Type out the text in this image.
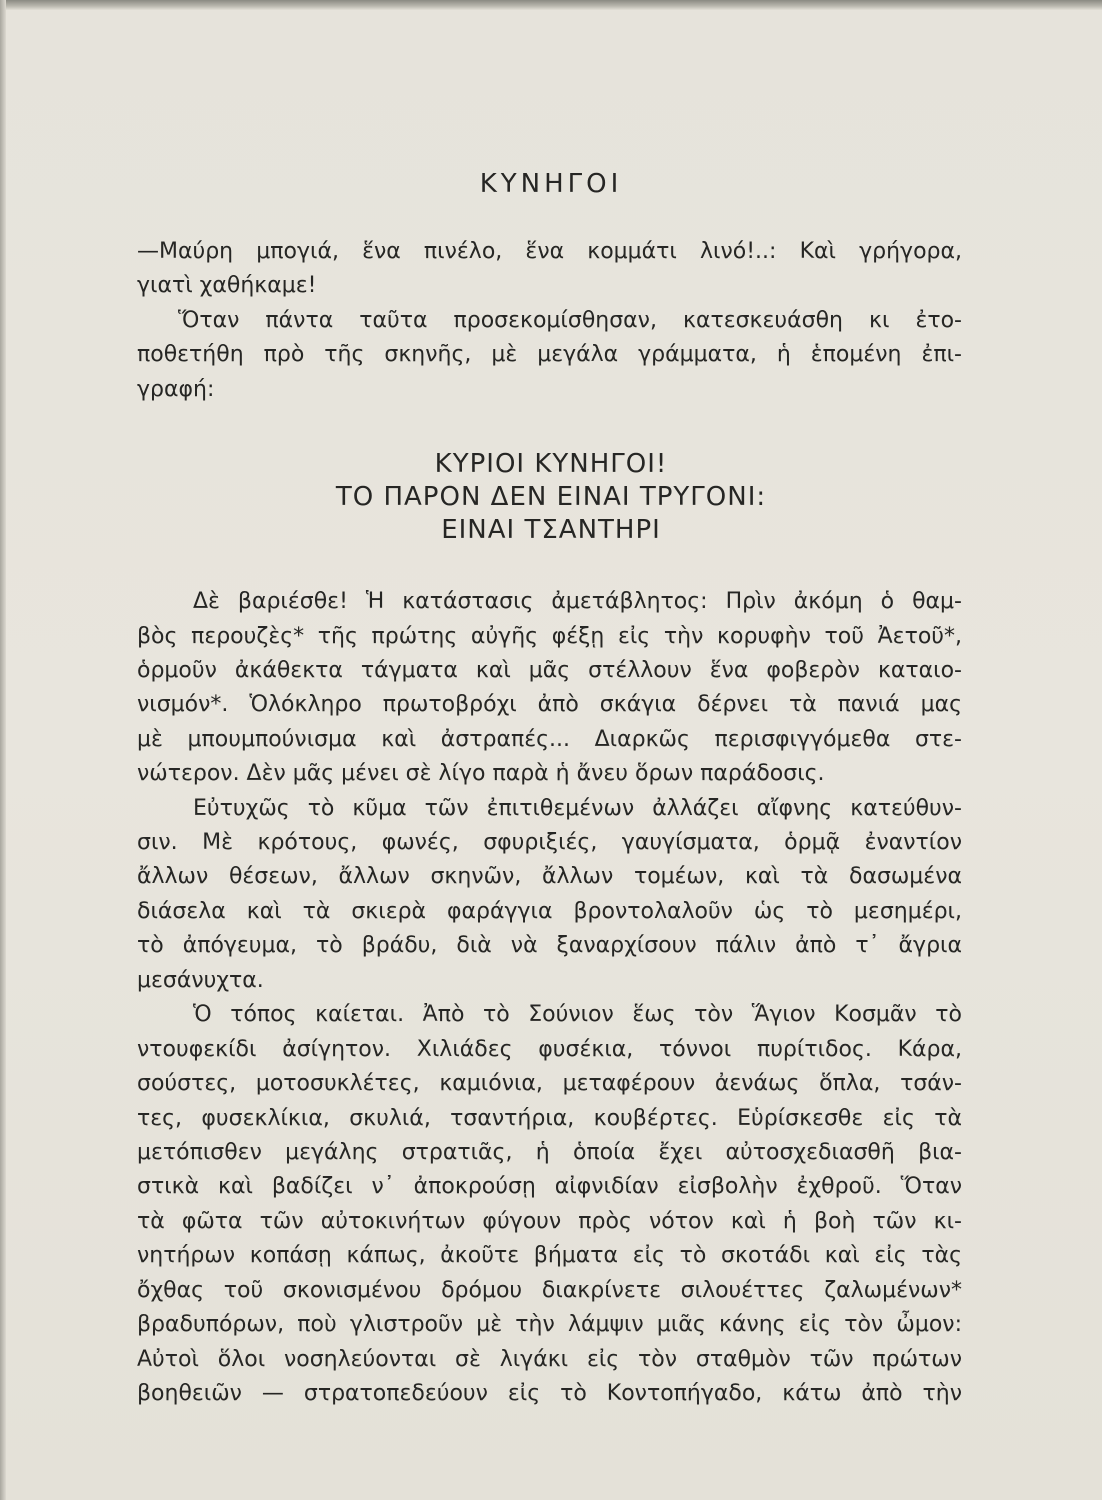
ΚΥΝΗΓΟΙ
—Μαύρη μπογιά, ἕνα πινέλο, ἕνα κομμάτι λινό!..: Καὶ γρήγορα,
γιατὶ χαθήκαμε!
Ὅταν πάντα ταῦτα προσεκομίσθησαν, κατεσκευάσθη κι ἐτο-
ποθετήθη πρὸ τῆς σκηνῆς, μὲ μεγάλα γράμματα, ἡ ἑπομένη ἐπι-
γραφή:
ΚΥΡΙΟΙ ΚΥΝΗΓΟΙ!
ΤΟ ΠΑΡΟΝ ΔΕΝ ΕΙΝΑΙ ΤΡΥΓΟΝΙ:
ΕΙΝΑΙ ΤΣΑΝΤΗΡΙ
Δὲ βαριέσθε! Ἡ κατάστασις ἀμετάβλητος: Πρὶν ἀκόμη ὁ θαμ-
βὸς περουζὲς* τῆς πρώτης αὐγῆς φέξῃ εἰς τὴν κορυφὴν τοῦ Ἀετοῦ*,
ὁρμοῦν ἀκάθεκτα τάγματα καὶ μᾶς στέλλουν ἕνα φοβερὸν καταιο-
νισμόν*. Ὁλόκληρο πρωτοβρόχι ἀπὸ σκάγια δέρνει τὰ πανιά μας
μὲ μπουμπούνισμα καὶ ἀστραπές... Διαρκῶς περισφιγγόμεθα στε-
νώτερον. Δὲν μᾶς μένει σὲ λίγο παρὰ ἡ ἄνευ ὅρων παράδοσις.
Εὐτυχῶς τὸ κῦμα τῶν ἐπιτιθεμένων ἀλλάζει αἴφνης κατεύθυν-
σιν. Μὲ κρότους, φωνές, σφυριξιές, γαυγίσματα, ὁρμᾷ ἐναντίον
ἄλλων θέσεων, ἄλλων σκηνῶν, ἄλλων τομέων, καὶ τὰ δασωμένα
διάσελα καὶ τὰ σκιερὰ φαράγγια βροντολαλοῦν ὡς τὸ μεσημέρι,
τὸ ἀπόγευμα, τὸ βράδυ, διὰ νὰ ξαναρχίσουν πάλιν ἀπὸ τ᾽ ἄγρια
μεσάνυχτα.
Ὁ τόπος καίεται. Ἀπὸ τὸ Σούνιον ἕως τὸν Ἅγιον Κοσμᾶν τὸ
ντουφεκίδι ἀσίγητον. Χιλιάδες φυσέκια, τόννοι πυρίτιδος. Κάρα,
σούστες, μοτοσυκλέτες, καμιόνια, μεταφέρουν ἀενάως ὅπλα, τσάν-
τες, φυσεκλίκια, σκυλιά, τσαντήρια, κουβέρτες. Εὑρίσκεσθε εἰς τὰ
μετόπισθεν μεγάλης στρατιᾶς, ἡ ὁποία ἔχει αὐτοσχεδιασθῆ βια-
στικὰ καὶ βαδίζει ν᾽ ἀποκρούσῃ αἰφνιδίαν εἰσβολὴν ἐχθροῦ. Ὅταν
τὰ φῶτα τῶν αὐτοκινήτων φύγουν πρὸς νότον καὶ ἡ βοὴ τῶν κι-
νητήρων κοπάσῃ κάπως, ἀκοῦτε βήματα εἰς τὸ σκοτάδι καὶ εἰς τὰς
ὄχθας τοῦ σκονισμένου δρόμου διακρίνετε σιλουέττες ζαλωμένων*
βραδυπόρων, ποὺ γλιστροῦν μὲ τὴν λάμψιν μιᾶς κάνης εἰς τὸν ὦμον:
Αὐτοὶ ὅλοι νοσηλεύονται σὲ λιγάκι εἰς τὸν σταθμὸν τῶν πρώτων
βοηθειῶν — στρατοπεδεύουν εἰς τὸ Κοντοπήγαδο, κάτω ἀπὸ τὴν
